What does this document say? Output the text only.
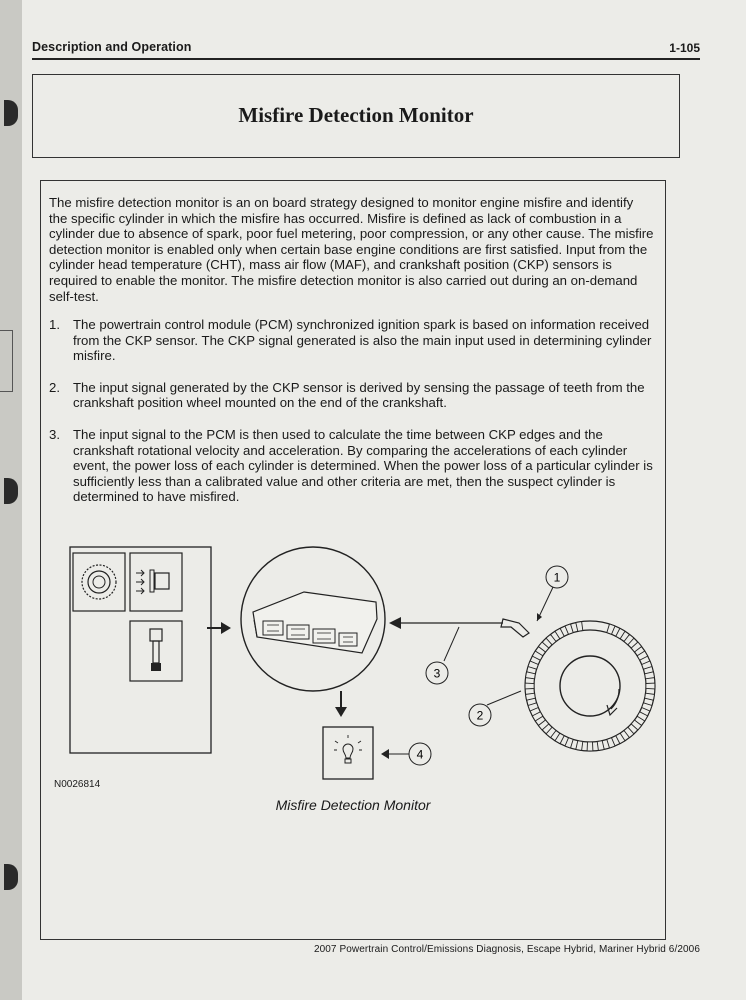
Description and Operation	1-105
Misfire Detection Monitor

The misfire detection monitor is an on board strategy designed to monitor engine misfire and identify the specific cylinder in which the misfire has occurred. Misfire is defined as lack of combustion in a cylinder due to absence of spark, poor fuel metering, poor compression, or any other cause. The misfire detection monitor is enabled only when certain base engine conditions are first satisfied. Input from the cylinder head temperature (CHT), mass air flow (MAF), and crankshaft position (CKP) sensors is required to enable the monitor. The misfire detection monitor is also carried out during an on-demand self-test.

1. The powertrain control module (PCM) synchronized ignition spark is based on information received from the CKP sensor. The CKP signal generated is also the main input used in determining cylinder misfire.
2. The input signal generated by the CKP sensor is derived by sensing the passage of teeth from the crankshaft position wheel mounted on the end of the crankshaft.
3. The input signal to the PCM is then used to calculate the time between CKP edges and the crankshaft rotational velocity and acceleration. By comparing the accelerations of each cylinder event, the power loss of each cylinder is determined. When the power loss of a particular cylinder is sufficiently less than a calibrated value and other criteria are met, then the suspect cylinder is determined to have misfired.
1
3
2
4
N0026814
Misfire Detection Monitor
2007 Powertrain Control/Emissions Diagnosis, Escape Hybrid, Mariner Hybrid 6/2006
